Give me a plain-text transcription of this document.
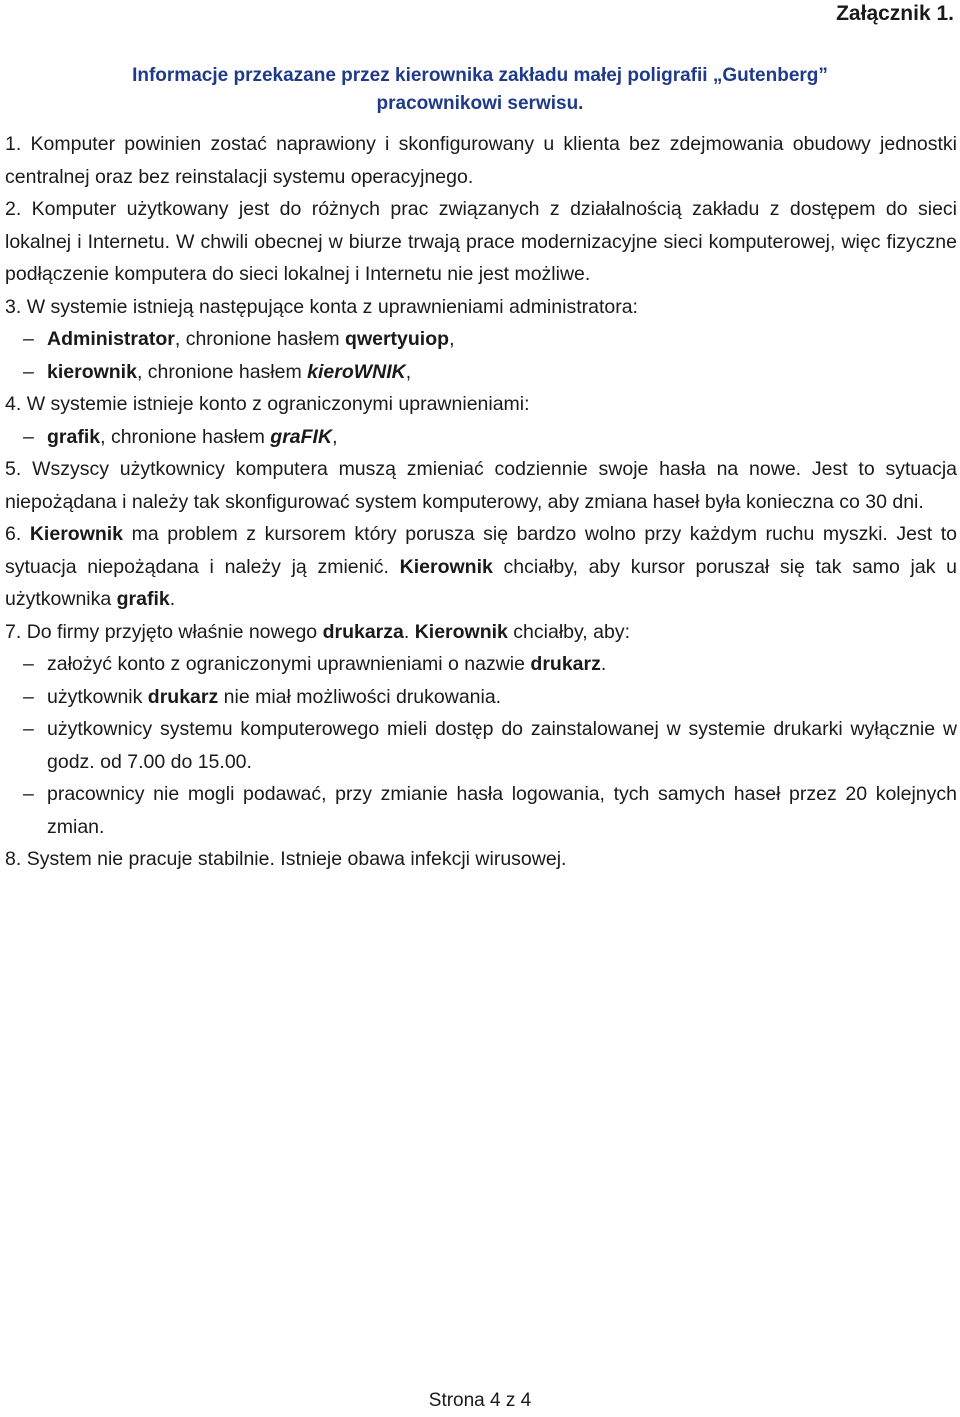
Załącznik 1.

Informacje przekazane przez kierownika zakładu małej poligrafii „Gutenberg”
pracownikowi serwisu.

1. Komputer powinien zostać naprawiony i skonfigurowany u klienta bez zdejmowania obudowy jednostki centralnej oraz bez reinstalacji systemu operacyjnego.

2. Komputer użytkowany jest do różnych prac związanych z działalnością zakładu z dostępem do sieci lokalnej i Internetu. W chwili obecnej w biurze trwają prace modernizacyjne sieci komputerowej, więc fizyczne podłączenie komputera do sieci lokalnej i Internetu nie jest możliwe.

3. W systemie istnieją następujące konta z uprawnieniami administratora:

– Administrator, chronione hasłem qwertyuiop,

– kierownik, chronione hasłem kieroWNIK,

4. W systemie istnieje konto z ograniczonymi uprawnieniami:

– grafik, chronione hasłem graFIK,

5. Wszyscy użytkownicy komputera muszą zmieniać codziennie swoje hasła na nowe. Jest to sytuacja niepożądana i należy tak skonfigurować system komputerowy, aby zmiana haseł była konieczna co 30 dni.

6. Kierownik ma problem z kursorem który porusza się bardzo wolno przy każdym ruchu myszki. Jest to sytuacja niepożądana i należy ją zmienić. Kierownik chciałby, aby kursor poruszał się tak samo jak u użytkownika grafik.

7. Do firmy przyjęto właśnie nowego drukarza. Kierownik chciałby, aby:

– założyć konto z ograniczonymi uprawnieniami o nazwie drukarz.

– użytkownik drukarz nie miał możliwości drukowania.

– użytkownicy systemu komputerowego mieli dostęp do zainstalowanej w systemie drukarki wyłącznie w godz. od 7.00 do 15.00.

– pracownicy nie mogli podawać, przy zmianie hasła logowania, tych samych haseł przez 20 kolejnych zmian.

8. System nie pracuje stabilnie. Istnieje obawa infekcji wirusowej.

Strona 4 z 4
